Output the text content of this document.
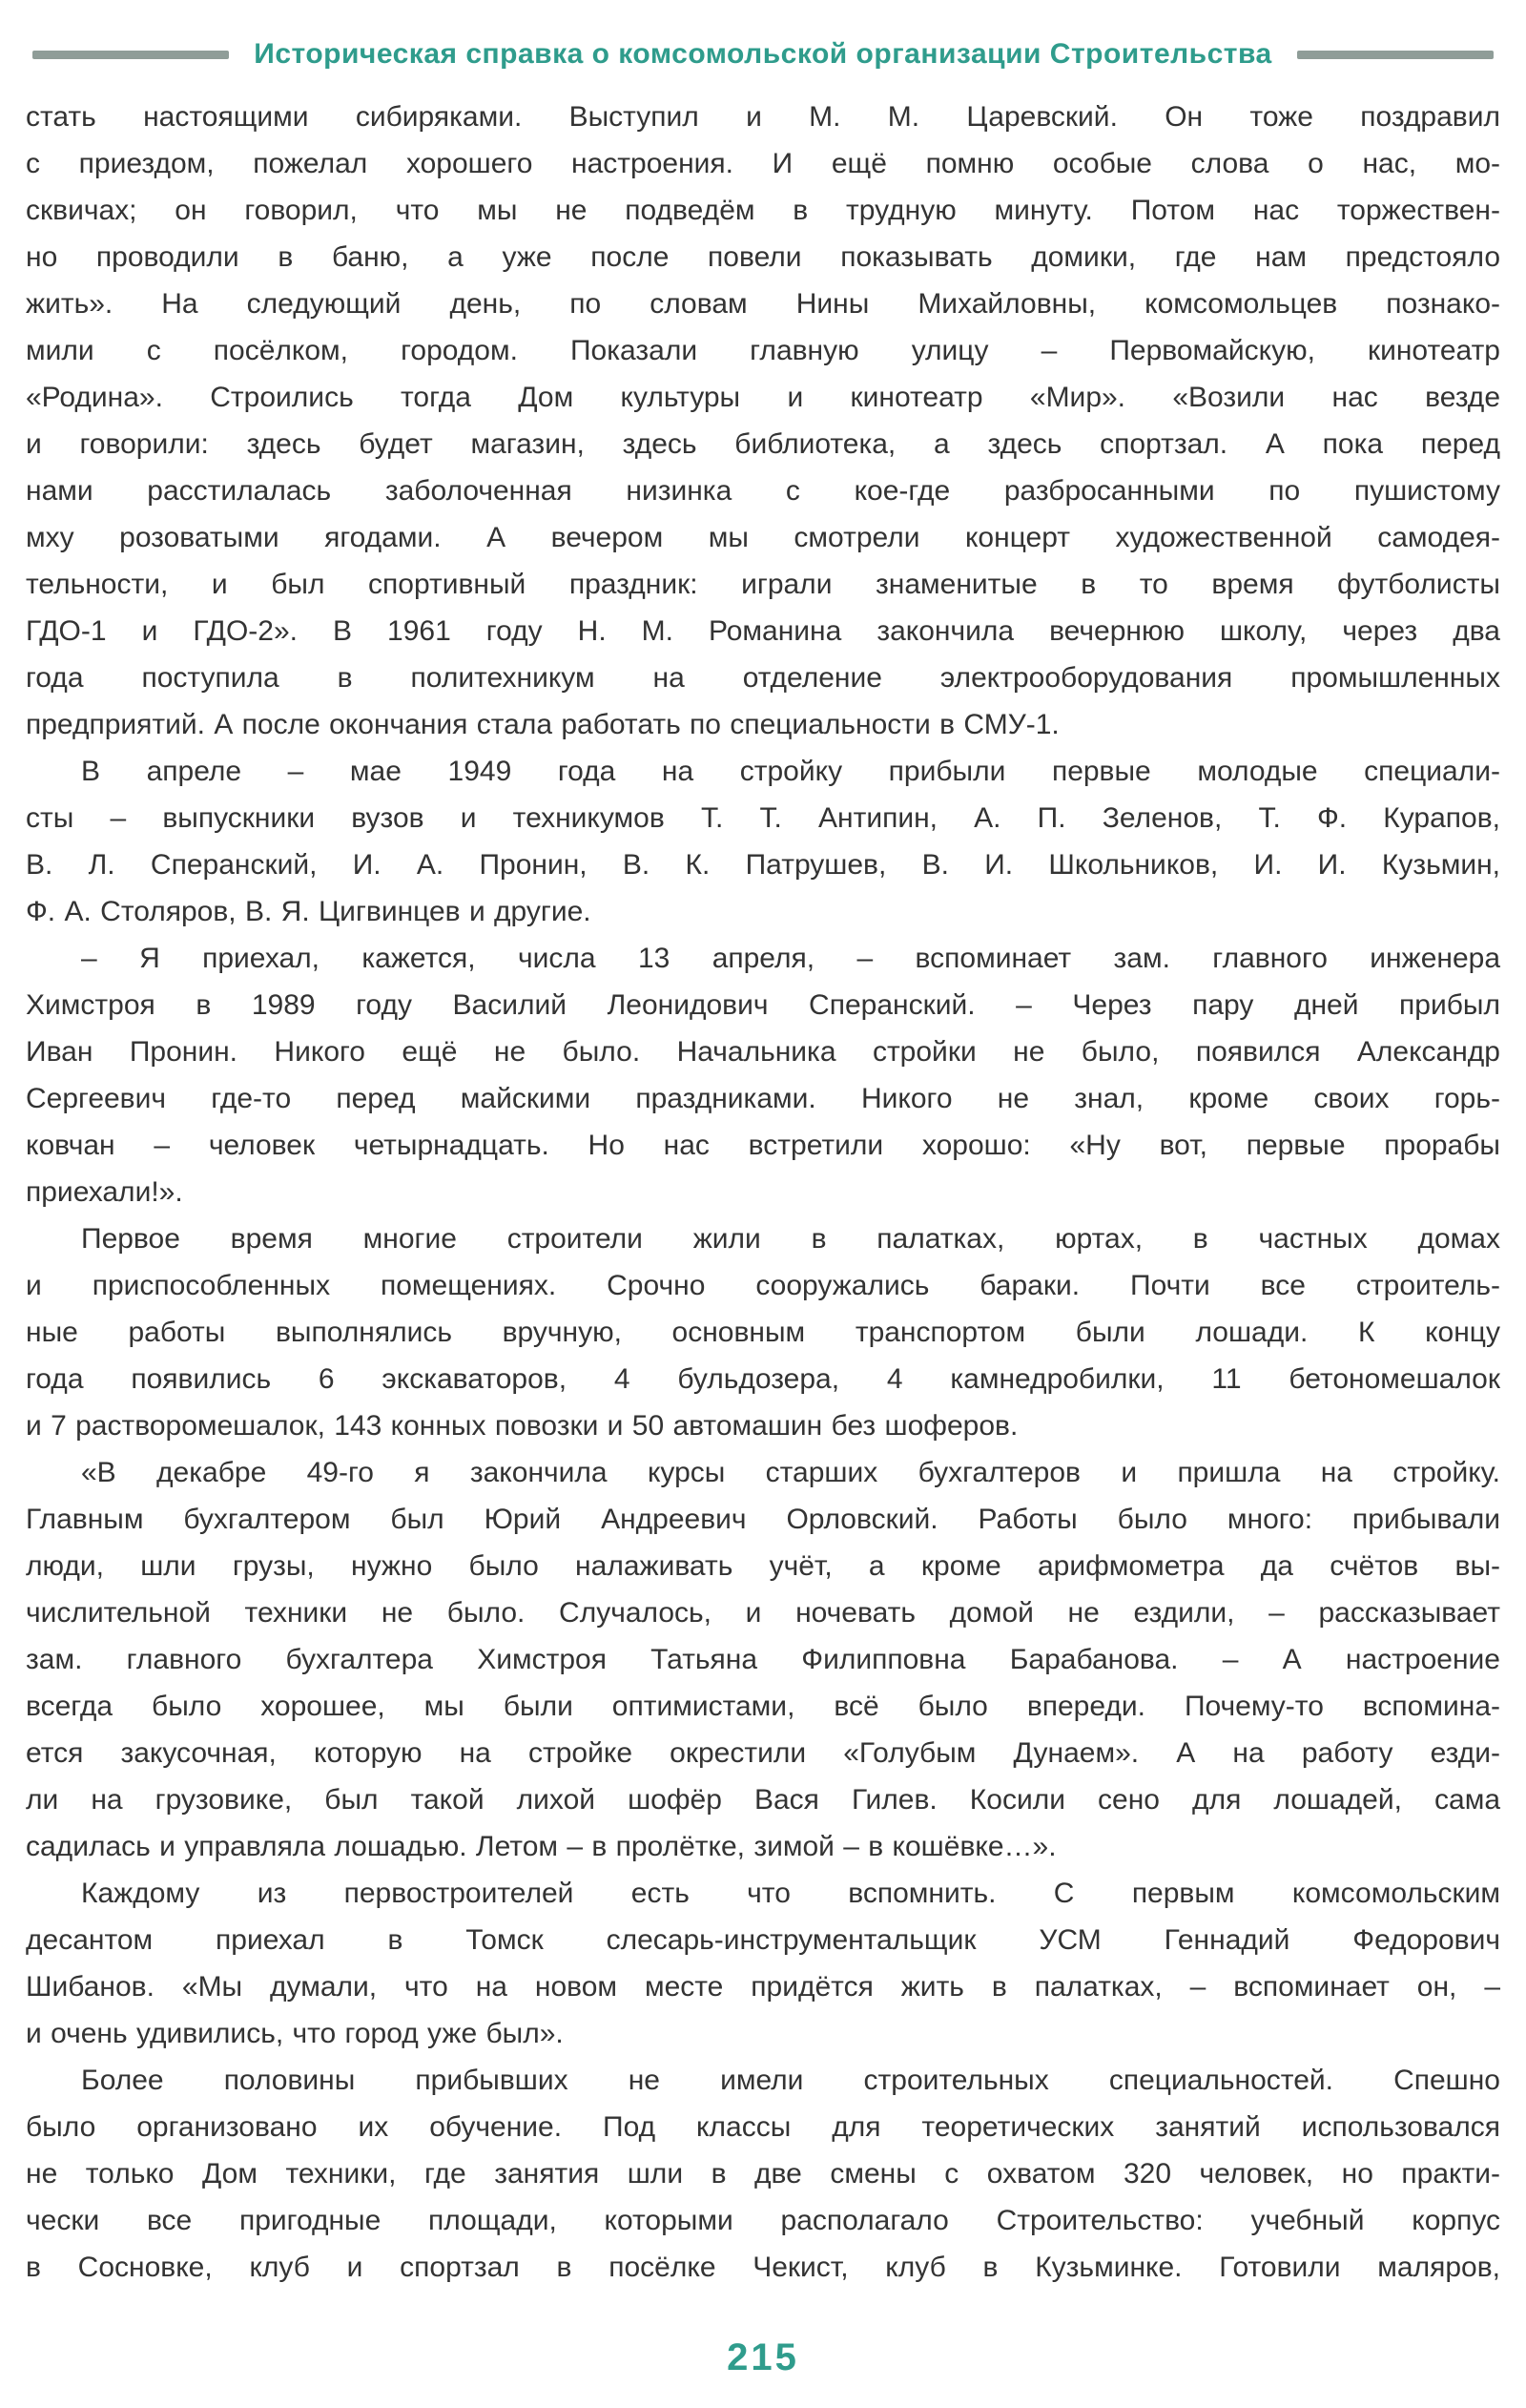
Историческая справка о комсомольской организации Строительства
стать настоящими сибиряками. Выступил и М. М. Царевский. Он тоже поздравил
с приездом, пожелал хорошего настроения. И ещё помню особые слова о нас, мо-
сквичах; он говорил, что мы не подведём в трудную минуту. Потом нас торжествен-
но проводили в баню, а уже после повели показывать домики, где нам предстояло
жить». На следующий день, по словам Нины Михайловны, комсомольцев познако-
мили с посёлком, городом. Показали главную улицу – Первомайскую, кинотеатр
«Родина». Строились тогда Дом культуры и кинотеатр «Мир». «Возили нас везде
и говорили: здесь будет магазин, здесь библиотека, а здесь спортзал. А пока перед
нами расстилалась заболоченная низинка с кое-где разбросанными по пушистому
мху розоватыми ягодами. А вечером мы смотрели концерт художественной самодея-
тельности, и был спортивный праздник: играли знаменитые в то время футболисты
ГДО-1 и ГДО-2». В 1961 году Н. М. Романина закончила вечернюю школу, через два
года поступила в политехникум на отделение электрооборудования промышленных
предприятий. А после окончания стала работать по специальности в СМУ-1.
В апреле – мае 1949 года на стройку прибыли первые молодые специали-
сты – выпускники вузов и техникумов Т. Т. Антипин, А. П. Зеленов, Т. Ф. Курапов,
В. Л. Сперанский, И. А. Пронин, В. К. Патрушев, В. И. Школьников, И. И. Кузьмин,
Ф. А. Столяров, В. Я. Цигвинцев и другие.
– Я приехал, кажется, числа 13 апреля, – вспоминает зам. главного инженера
Химстроя в 1989 году Василий Леонидович Сперанский. – Через пару дней прибыл
Иван Пронин. Никого ещё не было. Начальника стройки не было, появился Александр
Сергеевич где-то перед майскими праздниками. Никого не знал, кроме своих горь-
ковчан – человек четырнадцать. Но нас встретили хорошо: «Ну вот, первые прорабы
приехали!».
Первое время многие строители жили в палатках, юртах, в частных домах
и приспособленных помещениях. Срочно сооружались бараки. Почти все строитель-
ные работы выполнялись вручную, основным транспортом были лошади. К концу
года появились 6 экскаваторов, 4 бульдозера, 4 камнедробилки, 11 бетономешалок
и 7 растворомешалок, 143 конных повозки и 50 автомашин без шоферов.
«В декабре 49-го я закончила курсы старших бухгалтеров и пришла на стройку.
Главным бухгалтером был Юрий Андреевич Орловский. Работы было много: прибывали
люди, шли грузы, нужно было налаживать учёт, а кроме арифмометра да счётов вы-
числительной техники не было. Случалось, и ночевать домой не ездили, – рассказывает
зам. главного бухгалтера Химстроя Татьяна Филипповна Барабанова. – А настроение
всегда было хорошее, мы были оптимистами, всё было впереди. Почему-то вспомина-
ется закусочная, которую на стройке окрестили «Голубым Дунаем». А на работу езди-
ли на грузовике, был такой лихой шофёр Вася Гилев. Косили сено для лошадей, сама
садилась и управляла лошадью. Летом – в пролётке, зимой – в кошёвке…».
Каждому из первостроителей есть что вспомнить. С первым комсомольским
десантом приехал в Томск слесарь-инструментальщик УСМ Геннадий Федорович
Шибанов. «Мы думали, что на новом месте придётся жить в палатках, – вспоминает он, –
и очень удивились, что город уже был».
Более половины прибывших не имели строительных специальностей. Спешно
было организовано их обучение. Под классы для теоретических занятий использовался
не только Дом техники, где занятия шли в две смены с охватом 320 человек, но практи-
чески все пригодные площади, которыми располагало Строительство: учебный корпус
в Сосновке, клуб и спортзал в посёлке Чекист, клуб в Кузьминке. Готовили маляров,
215
